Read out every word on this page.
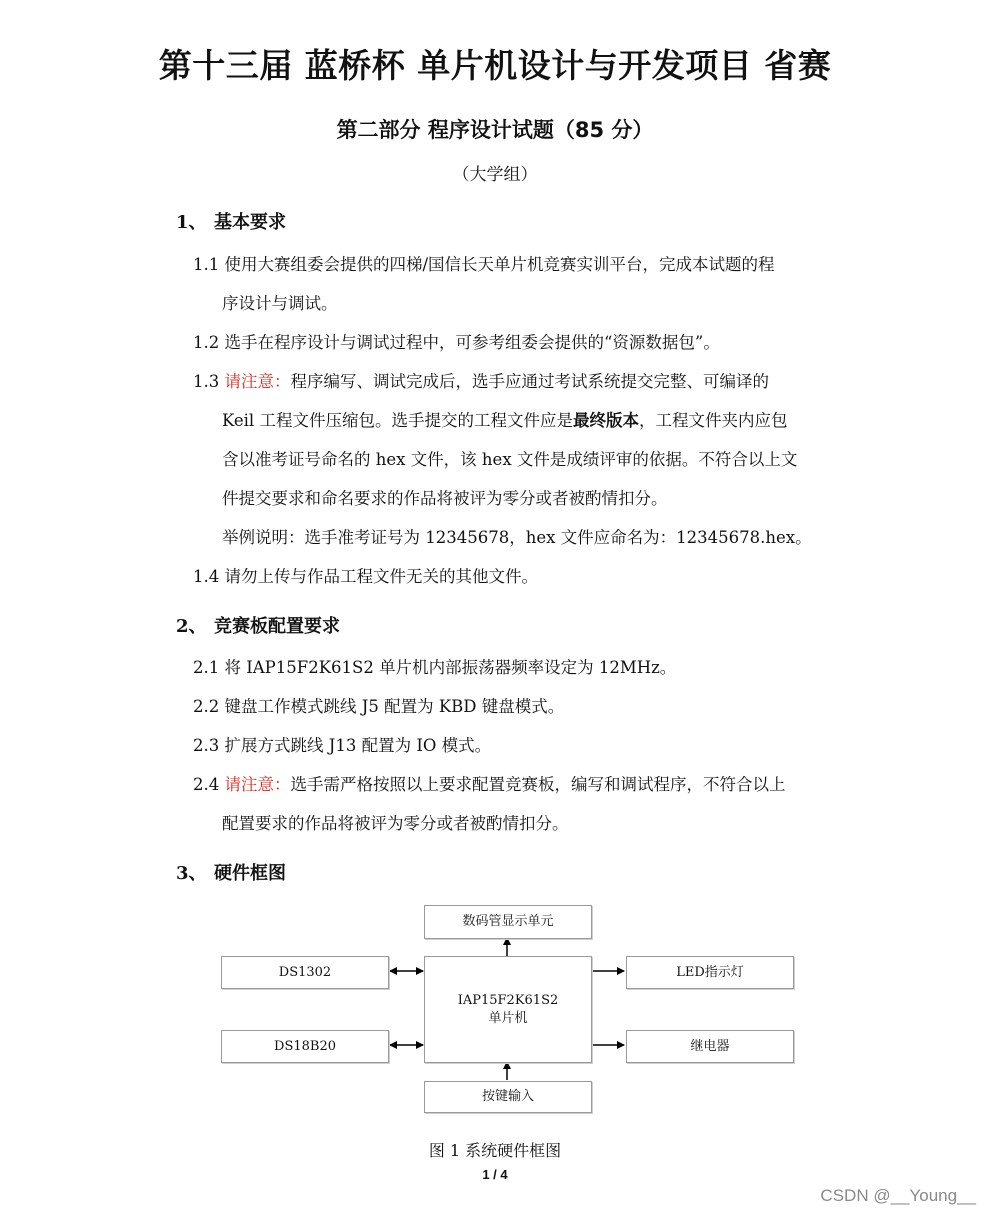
第十三届 蓝桥杯 单片机设计与开发项目 省赛
第二部分 程序设计试题（85 分）
（大学组）
1、 基本要求
1.1 使用大赛组委会提供的四梯/国信长天单片机竞赛实训平台，完成本试题的程
序设计与调试。
1.2 选手在程序设计与调试过程中，可参考组委会提供的“资源数据包”。
1.3 请注意：程序编写、调试完成后，选手应通过考试系统提交完整、可编译的
Keil 工程文件压缩包。选手提交的工程文件应是最终版本，工程文件夹内应包
含以准考证号命名的 hex 文件，该 hex 文件是成绩评审的依据。不符合以上文
件提交要求和命名要求的作品将被评为零分或者被酌情扣分。
举例说明：选手准考证号为 12345678，hex 文件应命名为：12345678.hex。
1.4 请勿上传与作品工程文件无关的其他文件。
2、 竞赛板配置要求
2.1 将 IAP15F2K61S2 单片机内部振荡器频率设定为 12MHz。
2.2 键盘工作模式跳线 J5 配置为 KBD 键盘模式。
2.3 扩展方式跳线 J13 配置为 IO 模式。
2.4 请注意：选手需严格按照以上要求配置竞赛板，编写和调试程序，不符合以上
配置要求的作品将被评为零分或者被酌情扣分。
3、 硬件框图
数码管显示单元
DS1302
DS18B20
IAP15F2K61S2
单片机
LED指示灯
继电器
按键输入
图 1 系统硬件框图
1 / 4
CSDN @__Young__
